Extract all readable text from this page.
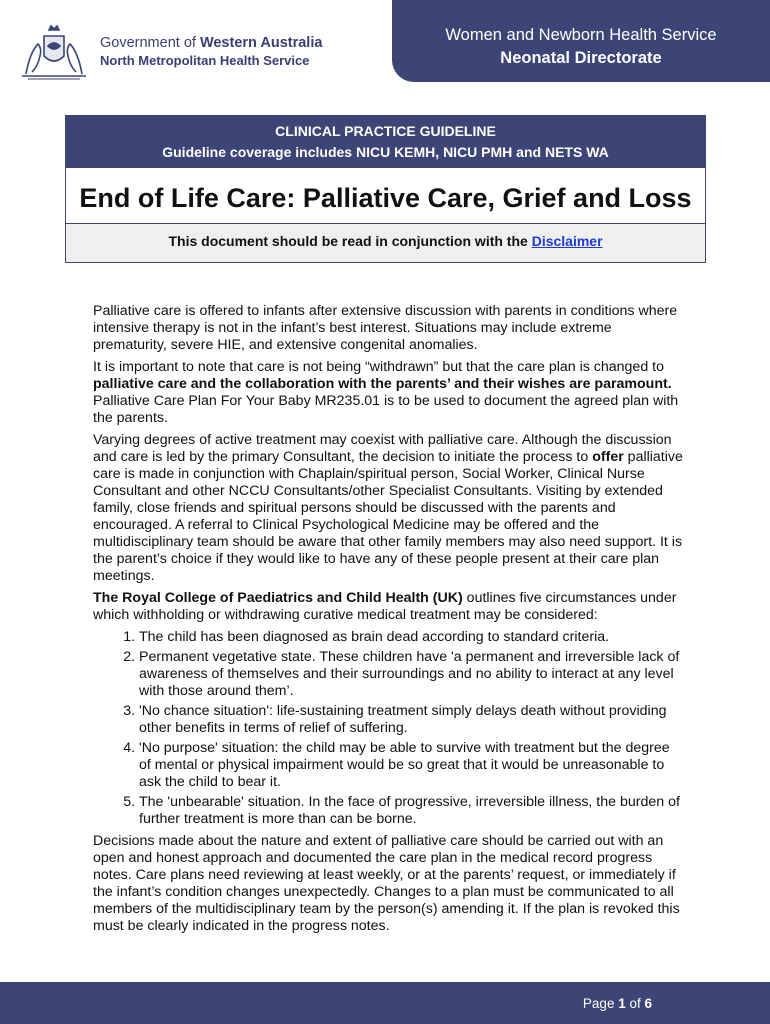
Government of Western Australia
North Metropolitan Health Service
Women and Newborn Health Service
Neonatal Directorate
CLINICAL PRACTICE GUIDELINE
Guideline coverage includes NICU KEMH, NICU PMH and NETS WA
End of Life Care: Palliative Care, Grief and Loss
This document should be read in conjunction with the Disclaimer

Palliative care is offered to infants after extensive discussion with parents in conditions where intensive therapy is not in the infant’s best interest. Situations may include extreme prematurity, severe HIE, and extensive congenital anomalies.

It is important to note that care is not being “withdrawn” but that the care plan is changed to palliative care and the collaboration with the parents’ and their wishes are paramount. Palliative Care Plan For Your Baby MR235.01 is to be used to document the agreed plan with the parents.

Varying degrees of active treatment may coexist with palliative care. Although the discussion and care is led by the primary Consultant, the decision to initiate the process to offer palliative care is made in conjunction with Chaplain/spiritual person, Social Worker, Clinical Nurse Consultant and other NCCU Consultants/other Specialist Consultants. Visiting by extended family, close friends and spiritual persons should be discussed with the parents and encouraged. A referral to Clinical Psychological Medicine may be offered and the multidisciplinary team should be aware that other family members may also need support. It is the parent’s choice if they would like to have any of these people present at their care plan meetings.

The Royal College of Paediatrics and Child Health (UK) outlines five circumstances under which withholding or withdrawing curative medical treatment may be considered:

1. The child has been diagnosed as brain dead according to standard criteria.
2. Permanent vegetative state. These children have 'a permanent and irreversible lack of awareness of themselves and their surroundings and no ability to interact at any level with those around them’.
3. 'No chance situation': life-sustaining treatment simply delays death without providing other benefits in terms of relief of suffering.
4. 'No purpose' situation: the child may be able to survive with treatment but the degree of mental or physical impairment would be so great that it would be unreasonable to ask the child to bear it.
5. The 'unbearable' situation. In the face of progressive, irreversible illness, the burden of further treatment is more than can be borne.

Decisions made about the nature and extent of palliative care should be carried out with an open and honest approach and documented the care plan in the medical record progress notes. Care plans need reviewing at least weekly, or at the parents’ request, or immediately if the infant’s condition changes unexpectedly. Changes to a plan must be communicated to all members of the multidisciplinary team by the person(s) amending it. If the plan is revoked this must be clearly indicated in the progress notes.

Page 1 of 6
